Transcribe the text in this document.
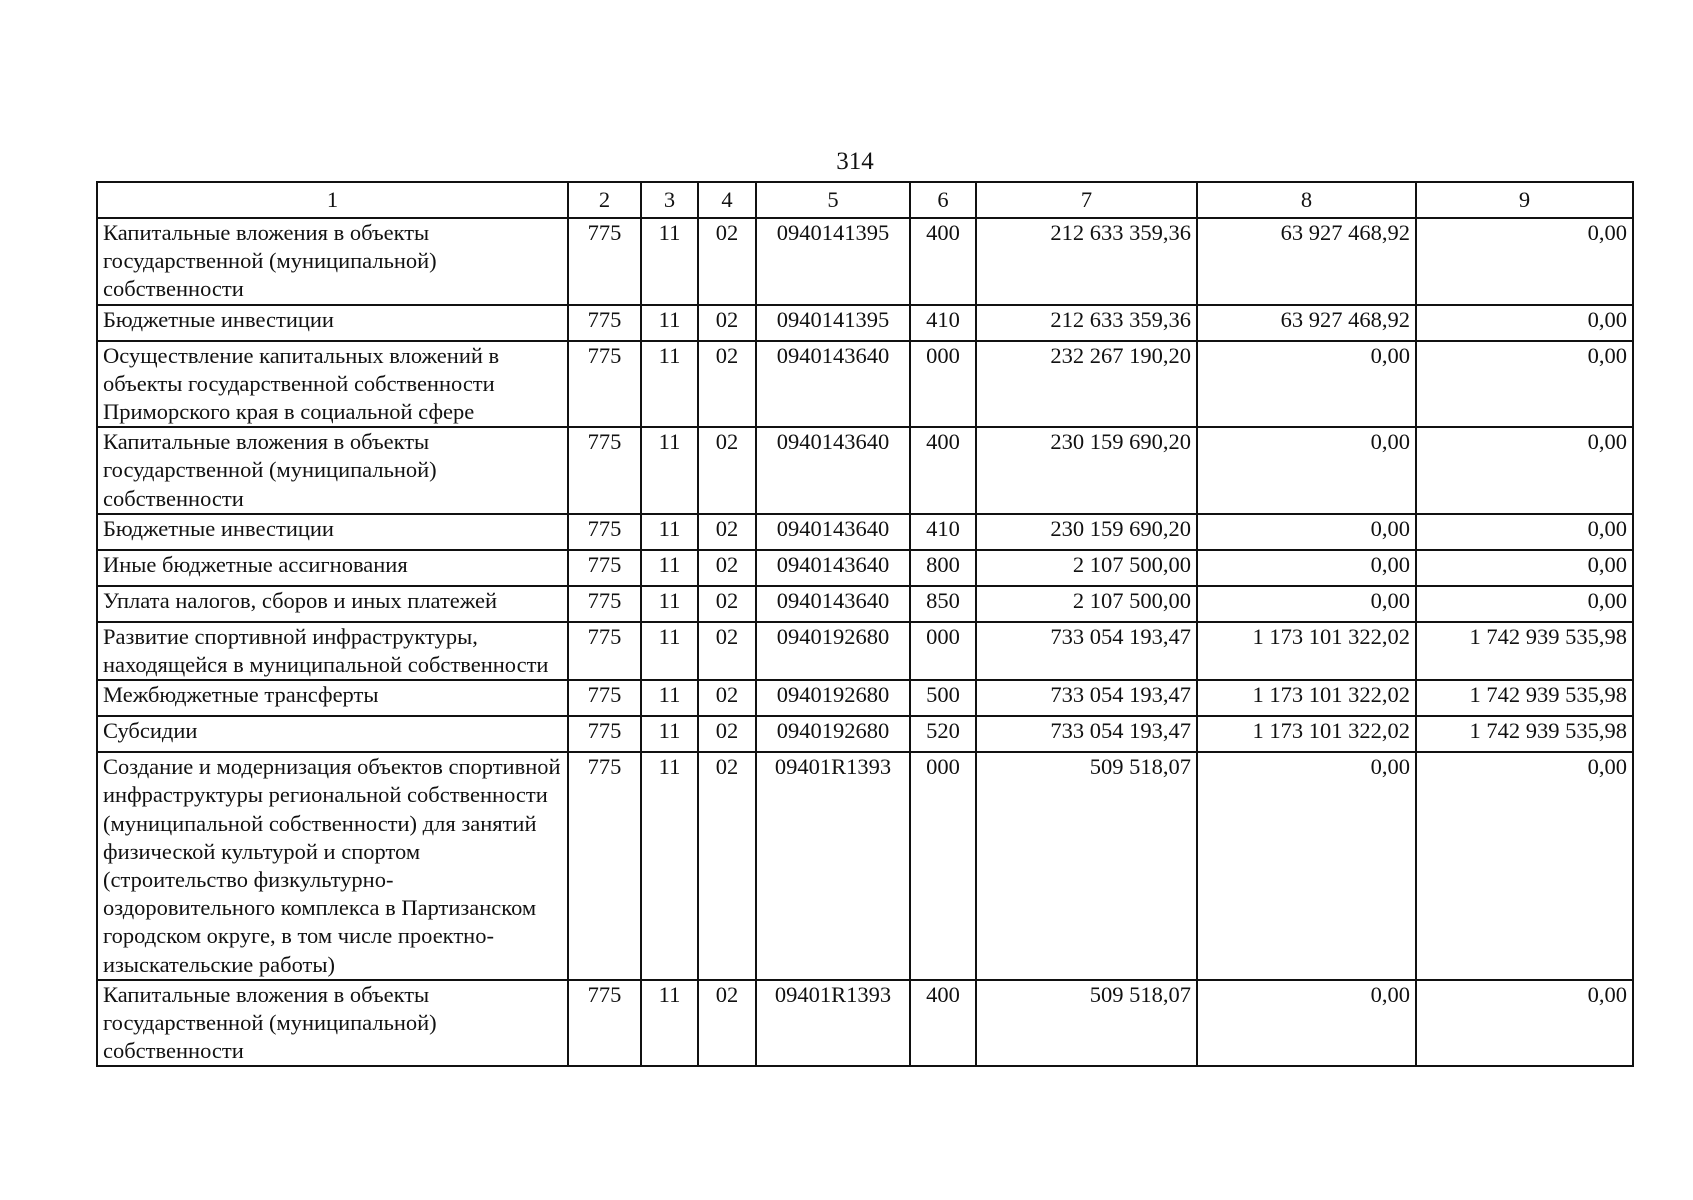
314
1	2	3	4	5	6	7	8	9
Капитальные вложения в объекты государственной (муниципальной) собственности	775	11	02	0940141395	400	212 633 359,36	63 927 468,92	0,00
Бюджетные инвестиции	775	11	02	0940141395	410	212 633 359,36	63 927 468,92	0,00
Осуществление капитальных вложений в объекты государственной собственности Приморского края в социальной сфере	775	11	02	0940143640	000	232 267 190,20	0,00	0,00
Капитальные вложения в объекты государственной (муниципальной) собственности	775	11	02	0940143640	400	230 159 690,20	0,00	0,00
Бюджетные инвестиции	775	11	02	0940143640	410	230 159 690,20	0,00	0,00
Иные бюджетные ассигнования	775	11	02	0940143640	800	2 107 500,00	0,00	0,00
Уплата налогов, сборов и иных платежей	775	11	02	0940143640	850	2 107 500,00	0,00	0,00
Развитие спортивной инфраструктуры, находящейся в муниципальной собственности	775	11	02	0940192680	000	733 054 193,47	1 173 101 322,02	1 742 939 535,98
Межбюджетные трансферты	775	11	02	0940192680	500	733 054 193,47	1 173 101 322,02	1 742 939 535,98
Субсидии	775	11	02	0940192680	520	733 054 193,47	1 173 101 322,02	1 742 939 535,98
Создание и модернизация объектов спортивной инфраструктуры региональной собственности (муниципальной собственности) для занятий физической культурой и спортом (строительство физкультурно-оздоровительного комплекса в Партизанском городском округе, в том числе проектно-изыскательские работы)	775	11	02	09401R1393	000	509 518,07	0,00	0,00
Капитальные вложения в объекты государственной (муниципальной) собственности	775	11	02	09401R1393	400	509 518,07	0,00	0,00
